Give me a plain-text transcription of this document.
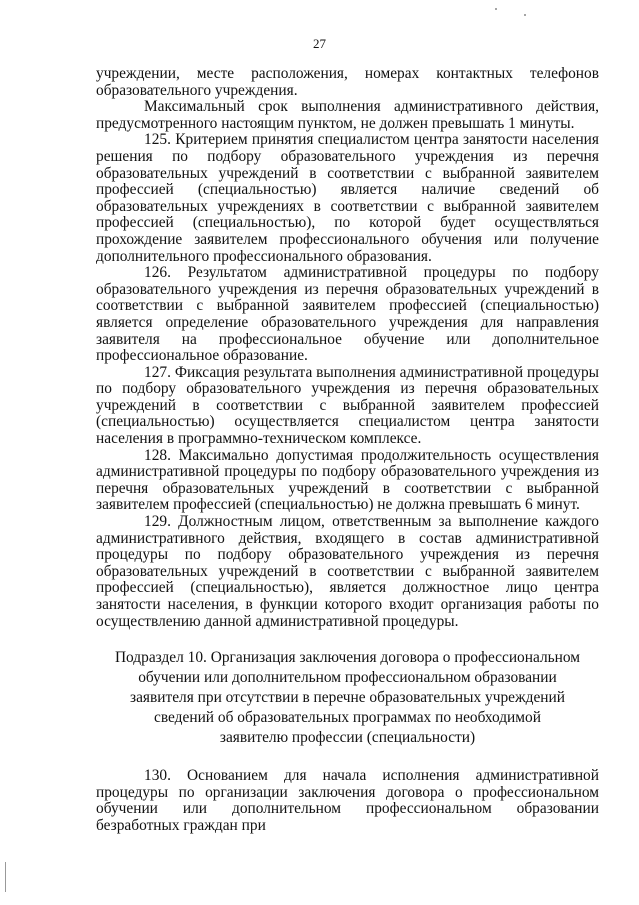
27

учреждении, месте расположения, номерах контактных телефонов образовательного учреждения.

Максимальный срок выполнения административного действия, предусмотренного настоящим пунктом, не должен превышать 1 минуты.

125. Критерием принятия специалистом центра занятости населения решения по подбору образовательного учреждения из перечня образовательных учреждений в соответствии с выбранной заявителем профессией (специальностью) является наличие сведений об образовательных учреждениях в соответствии с выбранной заявителем профессией (специальностью), по которой будет осуществляться прохождение заявителем профессионального обучения или получение дополнительного профессионального образования.

126. Результатом административной процедуры по подбору образовательного учреждения из перечня образовательных учреждений в соответствии с выбранной заявителем профессией (специальностью) является определение образовательного учреждения для направления заявителя на профессиональное обучение или дополнительное профессиональное образование.

127. Фиксация результата выполнения административной процедуры по подбору образовательного учреждения из перечня образовательных учреждений в соответствии с выбранной заявителем профессией (специальностью) осуществляется специалистом центра занятости населения в программно-техническом комплексе.

128. Максимально допустимая продолжительность осуществления административной процедуры по подбору образовательного учреждения из перечня образовательных учреждений в соответствии с выбранной заявителем профессией (специальностью) не должна превышать 6 минут.

129. Должностным лицом, ответственным за выполнение каждого административного действия, входящего в состав административной процедуры по подбору образовательного учреждения из перечня образовательных учреждений в соответствии с выбранной заявителем профессией (специальностью), является должностное лицо центра занятости населения, в функции которого входит организация работы по осуществлению данной административной процедуры.

Подраздел 10. Организация заключения договора о профессиональном
обучении или дополнительном профессиональном образовании
заявителя при отсутствии в перечне образовательных учреждений
сведений об образовательных программах по необходимой
заявителю профессии (специальности)

130. Основанием для начала исполнения административной процедуры по организации заключения договора о профессиональном обучении или дополнительном профессиональном образовании безработных граждан при
